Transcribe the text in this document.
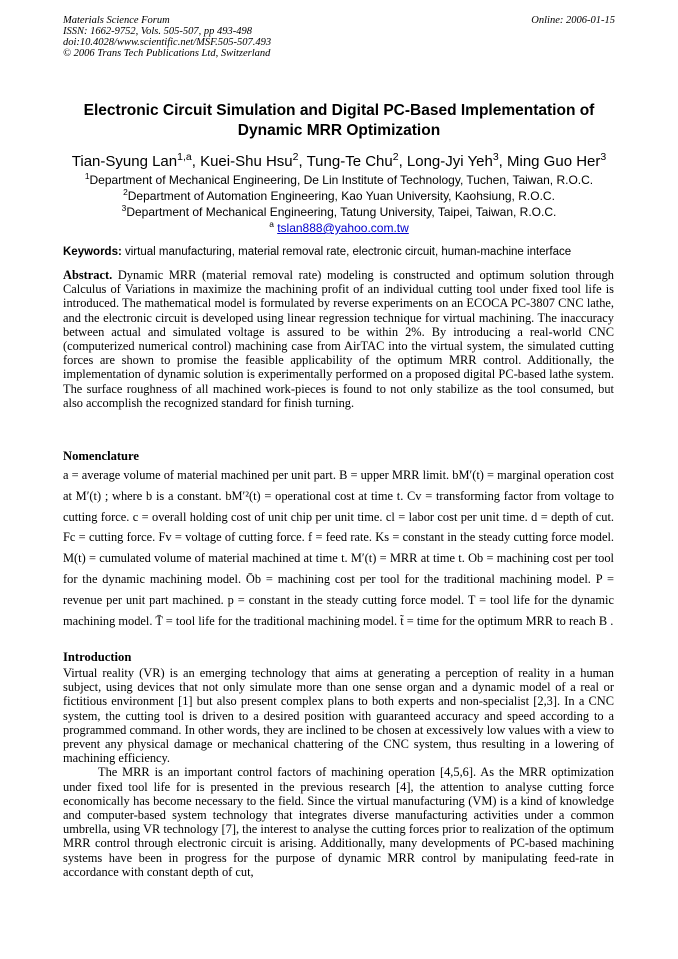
Materials Science Forum
ISSN: 1662-9752, Vols. 505-507, pp 493-498
doi:10.4028/www.scientific.net/MSF.505-507.493
© 2006 Trans Tech Publications Ltd, Switzerland
Online: 2006-01-15
Electronic Circuit Simulation and Digital PC-Based Implementation of
Dynamic MRR Optimization
Tian-Syung Lan$^{1,a}$, Kuei-Shu Hsu$^2$, Tung-Te Chu$^2$, Long-Jyi Yeh$^3$, Ming Guo Her$^3$
$^1$Department of Mechanical Engineering, De Lin Institute of Technology, Tuchen, Taiwan, R.O.C.
$^2$Department of Automation Engineering, Kao Yuan University, Kaohsiung, R.O.C.
$^3$Department of Mechanical Engineering, Tatung University, Taipei, Taiwan, R.O.C.
$^a$ tslan888@yahoo.com.tw
Keywords: virtual manufacturing, material removal rate, electronic circuit, human-machine interface
Abstract. Dynamic MRR (material removal rate) modeling is constructed and optimum solution through Calculus of Variations in maximize the machining profit of an individual cutting tool under fixed tool life is introduced. The mathematical model is formulated by reverse experiments on an ECOCA PC-3807 CNC lathe, and the electronic circuit is developed using linear regression technique for virtual machining. The inaccuracy between actual and simulated voltage is assured to be within 2%. By introducing a real-world CNC (computerized numerical control) machining case from AirTAC into the virtual system, the simulated cutting forces are shown to promise the feasible applicability of the optimum MRR control. Additionally, the implementation of dynamic solution is experimentally performed on a proposed digital PC-based lathe system. The surface roughness of all machined work-pieces is found to not only stabilize as the tool consumed, but also accomplish the recognized standard for finish turning.
Nomenclature
a = average volume of material machined per unit part. B = upper MRR limit. bM′(t) = marginal operation cost at M′(t) ; where b is a constant. bM′²(t) = operational cost at time t. Cv = transforming factor from voltage to cutting force. c = overall holding cost of unit chip per unit time. cl = labor cost per unit time. d = depth of cut. Fc = cutting force. Fv = voltage of cutting force. f = feed rate. Ks = constant in the steady cutting force model. M(t) = cumulated volume of material machined at time t. M′(t) = MRR at time t. Ob = machining cost per tool for the dynamic machining model. Ōb = machining cost per tool for the traditional machining model. P = revenue per unit part machined. p = constant in the steady cutting force model. T = tool life for the dynamic machining model. T̄ = tool life for the traditional machining model. t̃ = time for the optimum MRR to reach B .
Introduction

Virtual reality (VR) is an emerging technology that aims at generating a perception of reality in a human subject, using devices that not only simulate more than one sense organ and a dynamic model of a real or fictitious environment [1] but also present complex plans to both experts and non-specialist [2,3]. In a CNC system, the cutting tool is driven to a desired position with guaranteed accuracy and speed according to a programmed command. In other words, they are inclined to be chosen at excessively low values with a view to prevent any physical damage or mechanical chattering of the CNC system, thus resulting in a lowering of machining efficiency.

The MRR is an important control factors of machining operation [4,5,6]. As the MRR optimization under fixed tool life for is presented in the previous research [4], the attention to analyse cutting force economically has become necessary to the field. Since the virtual manufacturing (VM) is a kind of knowledge and computer-based system technology that integrates diverse manufacturing activities under a common umbrella, using VR technology [7], the interest to analyse the cutting forces prior to realization of the optimum MRR control through electronic circuit is arising. Additionally, many developments of PC-based machining systems have been in progress for the purpose of dynamic MRR control by manipulating feed-rate in accordance with constant depth of cut,
